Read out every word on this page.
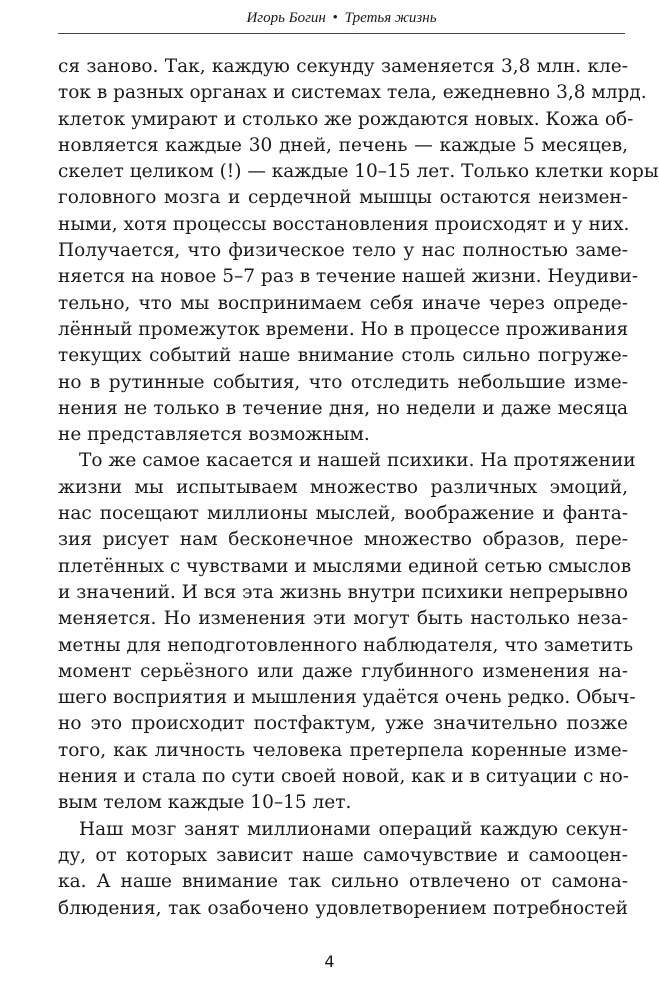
Игорь Богин • Третья жизнь
ся заново. Так, каждую секунду заменяется 3,8 млн. кле-
ток в разных органах и системах тела, ежедневно 3,8 млрд.
клеток умирают и столько же рождаются новых. Кожа об-
новляется каждые 30 дней, печень — каждые 5 месяцев,
скелет целиком (!) — каждые 10–15 лет. Только клетки коры
головного мозга и сердечной мышцы остаются неизмен-
ными, хотя процессы восстановления происходят и у них.
Получается, что физическое тело у нас полностью заме-
няется на новое 5–7 раз в течение нашей жизни. Неудиви-
тельно, что мы воспринимаем себя иначе через опреде-
лённый промежуток времени. Но в процессе проживания
текущих событий наше внимание столь сильно погруже-
но в рутинные события, что отследить небольшие изме-
нения не только в течение дня, но недели и даже месяца
не представляется возможным.
То же самое касается и нашей психики. На протяжении
жизни мы испытываем множество различных эмоций,
нас посещают миллионы мыслей, воображение и фанта-
зия рисует нам бесконечное множество образов, пере-
плетённых с чувствами и мыслями единой сетью смыслов
и значений. И вся эта жизнь внутри психики непрерывно
меняется. Но изменения эти могут быть настолько неза-
метны для неподготовленного наблюдателя, что заметить
момент серьёзного или даже глубинного изменения на-
шего восприятия и мышления удаётся очень редко. Обыч-
но это происходит постфактум, уже значительно позже
того, как личность человека претерпела коренные изме-
нения и стала по сути своей новой, как и в ситуации с но-
вым телом каждые 10–15 лет.
Наш мозг занят миллионами операций каждую секун-
ду, от которых зависит наше самочувствие и самооцен-
ка. А наше внимание так сильно отвлечено от самона-
блюдения, так озабочено удовлетворением потребностей
4
